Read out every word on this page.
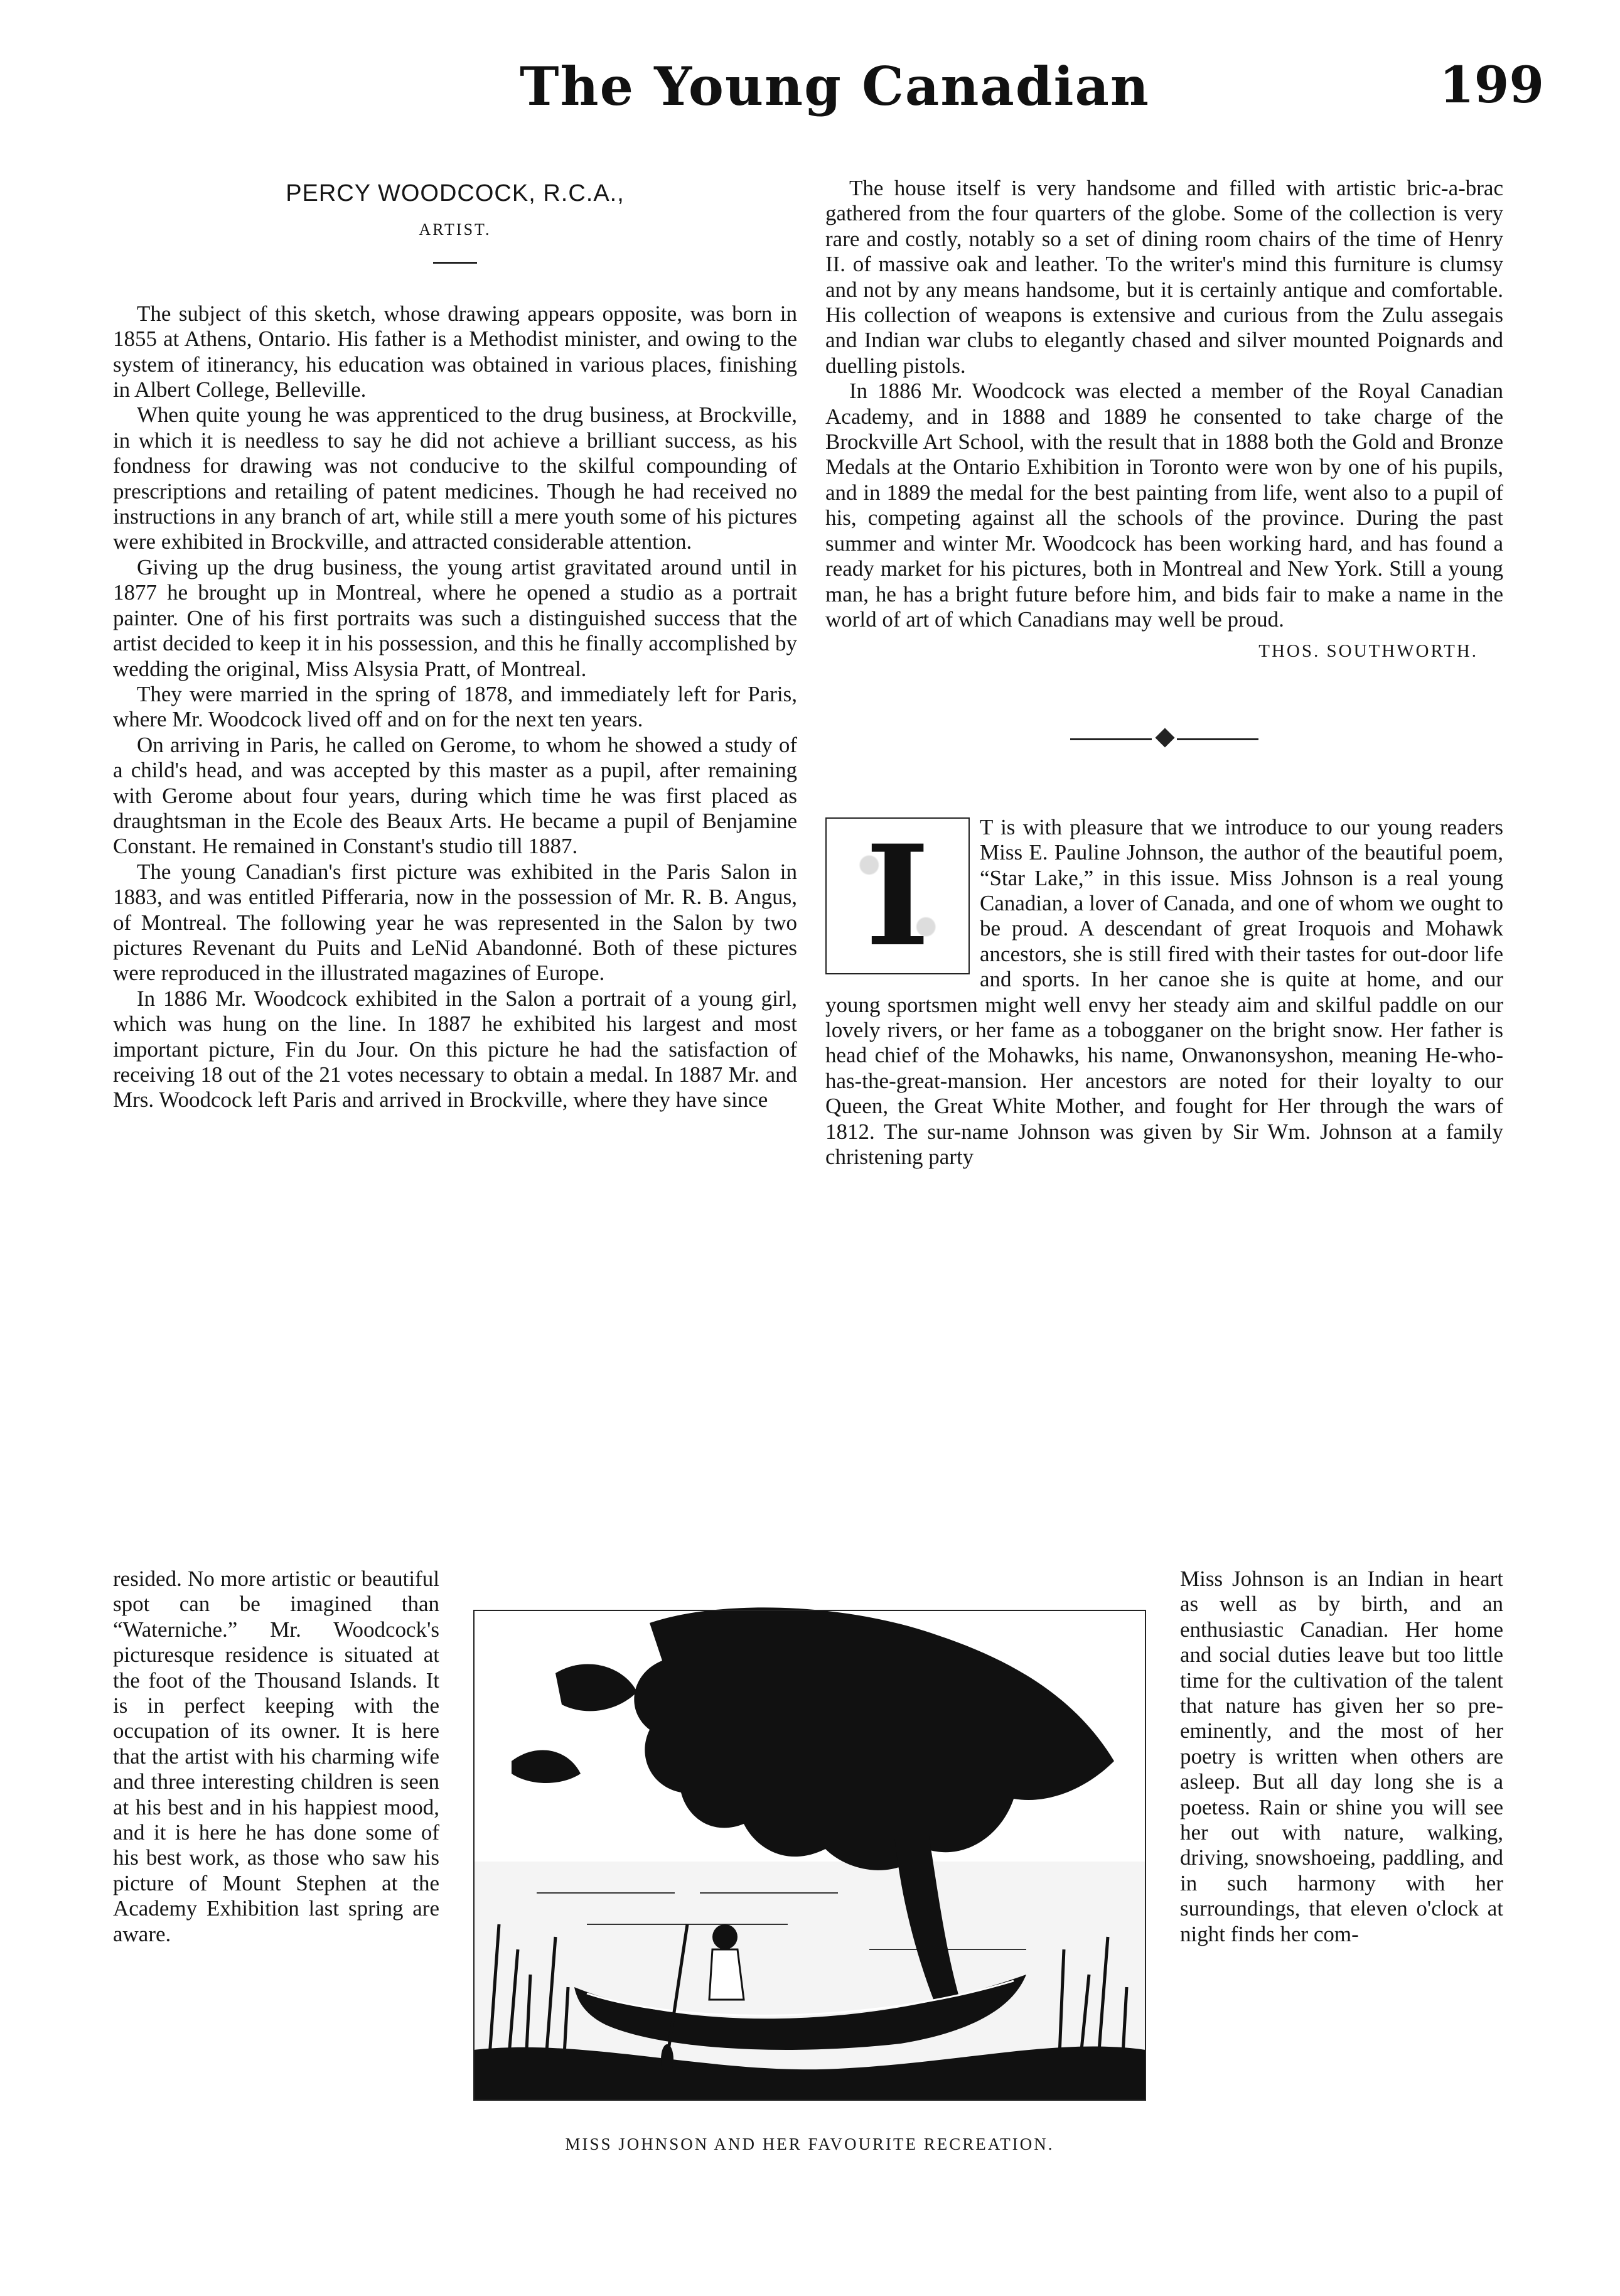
The Young Canadian	199
PERCY WOODCOCK, R.C.A.,
ARTIST.

The subject of this sketch, whose drawing appears opposite, was born in 1855 at Athens, Ontario. His father is a Methodist minister, and owing to the system of itinerancy, his education was obtained in various places, finishing in Albert College, Belleville.

When quite young he was apprenticed to the drug business, at Brockville, in which it is needless to say he did not achieve a brilliant success, as his fondness for drawing was not conducive to the skilful compounding of prescriptions and retailing of patent medicines. Though he had received no instructions in any branch of art, while still a mere youth some of his pictures were exhibited in Brockville, and attracted considerable attention.

Giving up the drug business, the young artist gravitated around until in 1877 he brought up in Montreal, where he opened a studio as a portrait painter. One of his first portraits was such a distinguished success that the artist decided to keep it in his possession, and this he finally accomplished by wedding the original, Miss Alsysia Pratt, of Montreal.

They were married in the spring of 1878, and immediately left for Paris, where Mr. Woodcock lived off and on for the next ten years.

On arriving in Paris, he called on Gerome, to whom he showed a study of a child's head, and was accepted by this master as a pupil, after remaining with Gerome about four years, during which time he was first placed as draughtsman in the Ecole des Beaux Arts. He became a pupil of Benjamine Constant. He remained in Constant's studio till 1887.

The young Canadian's first picture was exhibited in the Paris Salon in 1883, and was entitled Pifferaria, now in the possession of Mr. R. B. Angus, of Montreal. The following year he was represented in the Salon by two pictures Revenant du Puits and LeNid Abandonné. Both of these pictures were reproduced in the illustrated magazines of Europe.

In 1886 Mr. Woodcock exhibited in the Salon a portrait of a young girl, which was hung on the line. In 1887 he exhibited his largest and most important picture, Fin du Jour. On this picture he had the satisfaction of receiving 18 out of the 21 votes necessary to obtain a medal. In 1887 Mr. and Mrs. Woodcock left Paris and arrived in Brockville, where they have since

The house itself is very handsome and filled with artistic bric-a-brac gathered from the four quarters of the globe. Some of the collection is very rare and costly, notably so a set of dining room chairs of the time of Henry II. of massive oak and leather. To the writer's mind this furniture is clumsy and not by any means handsome, but it is certainly antique and comfortable. His collection of weapons is extensive and curious from the Zulu assegais and Indian war clubs to elegantly chased and silver mounted Poignards and duelling pistols.

In 1886 Mr. Woodcock was elected a member of the Royal Canadian Academy, and in 1888 and 1889 he consented to take charge of the Brockville Art School, with the result that in 1888 both the Gold and Bronze Medals at the Ontario Exhibition in Toronto were won by one of his pupils, and in 1889 the medal for the best painting from life, went also to a pupil of his, competing against all the schools of the province. During the past summer and winter Mr. Woodcock has been working hard, and has found a ready market for his pictures, both in Montreal and New York. Still a young man, he has a bright future before him, and bids fair to make a name in the world of art of which Canadians may well be proud.

THOS. SOUTHWORTH.
I	T is with pleasure that we introduce to our young readers Miss E. Pauline Johnson, the author of the beautiful poem, “Star Lake,” in this issue. Miss Johnson is a real young Canadian, a lover of Canada, and one of whom we ought to be proud. A descendant of great Iroquois and Mohawk ancestors, she is still fired with their tastes for out-door life and sports. In her canoe she is quite at home, and our young sportsmen might well envy her steady aim and skilful paddle on our lovely rivers, or her fame as a tobogganer on the bright snow. Her father is head chief of the Mohawks, his name, Onwanonsyshon, meaning He-who-has-the-great-mansion. Her ancestors are noted for their loyalty to our Queen, the Great White Mother, and fought for Her through the wars of 1812. The sur-name Johnson was given by Sir Wm. Johnson at a family christening party
resided. No more artistic or beautiful spot can be imagined than “Waterniche.” Mr. Woodcock's picturesque residence is situated at the foot of the Thousand Islands. It is in perfect keeping with the occupation of its owner. It is here that the artist with his charming wife and three interesting children is seen at his best and in his happiest mood, and it is here he has done some of his best work, as those who saw his picture of Mount Stephen at the Academy Exhibition last spring are aware.
Miss Johnson is an Indian in heart as well as by birth, and an enthusiastic Canadian. Her home and social duties leave but too little time for the cultivation of the talent that nature has given her so pre-eminently, and the most of her poetry is written when others are asleep. But all day long she is a poetess. Rain or shine you will see her out with nature, walking, driving, snowshoeing, paddling, and in such harmony with her surroundings, that eleven o'clock at night finds her com-
MISS JOHNSON AND HER FAVOURITE RECREATION.
